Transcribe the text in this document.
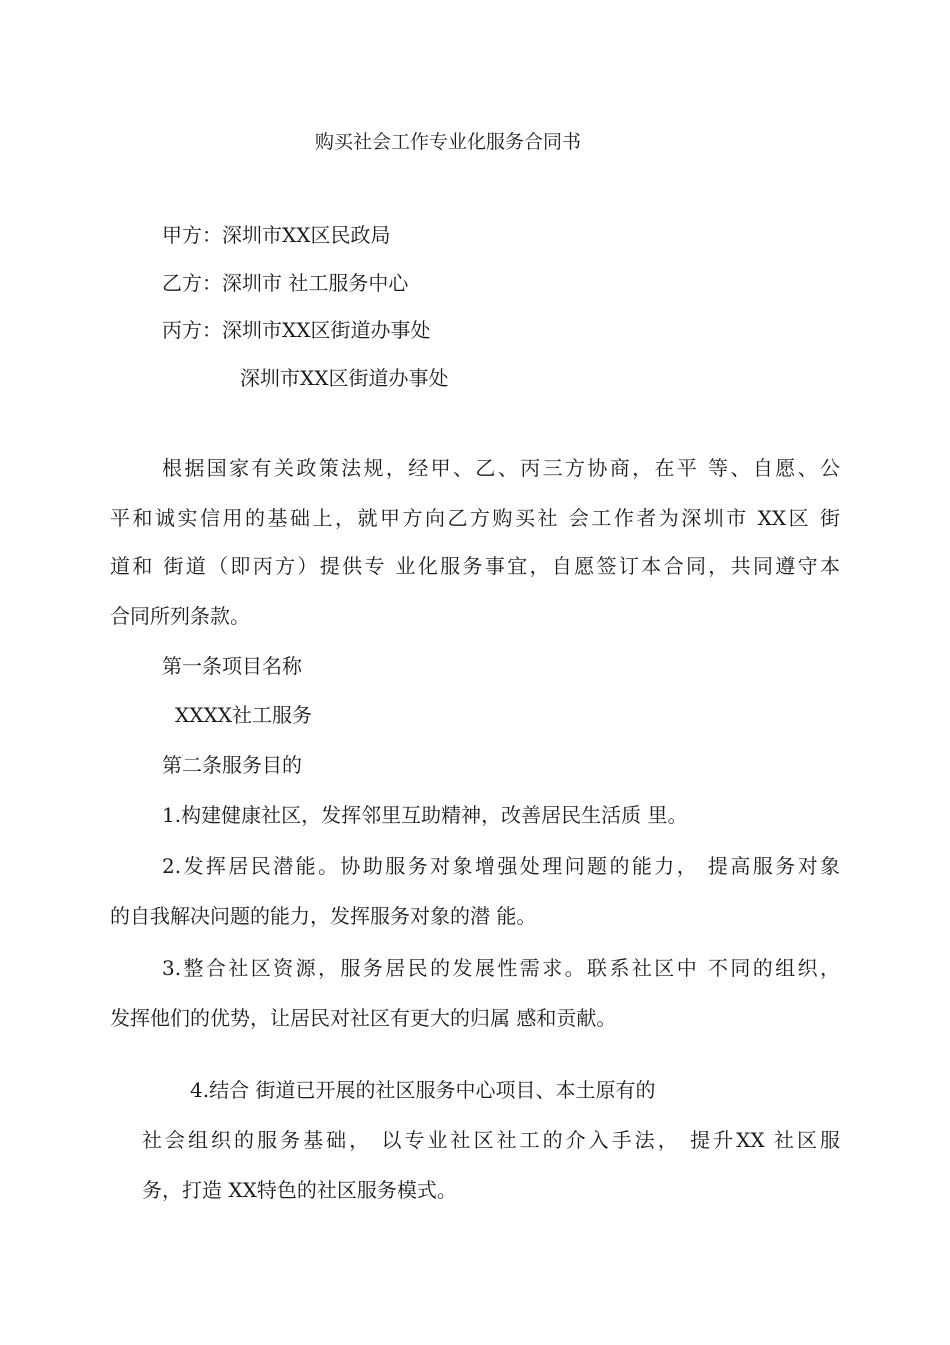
购买社会工作专业化服务合同书

甲方：深圳市XX区民政局

乙方：深圳市 社工服务中心

丙方：深圳市XX区街道办事处

深圳市XX区街道办事处

根据国家有关政策法规，经甲、乙、丙三方协商，在平 等、自愿、公

平和诚实信用的基础上，就甲方向乙方购买社 会工作者为深圳市 XX区 街

道和 街道（即丙方）提供专 业化服务事宜，自愿签订本合同，共同遵守本

合同所列条款。

第一条项目名称

XXXX社工服务

第二条服务目的

1.构建健康社区，发挥邻里互助精神，改善居民生活质 里。

2.发挥居民潜能。协助服务对象增强处理问题的能力， 提高服务对象

的自我解决问题的能力，发挥服务对象的潜 能。

3.整合社区资源，服务居民的发展性需求。联系社区中 不同的组织，

发挥他们的优势，让居民对社区有更大的归属 感和贡献。

4.结合 街道已开展的社区服务中心项目、本土原有的

社会组织的服务基础， 以专业社区社工的介入手法， 提升XX 社区服

务，打造 XX特色的社区服务模式。
